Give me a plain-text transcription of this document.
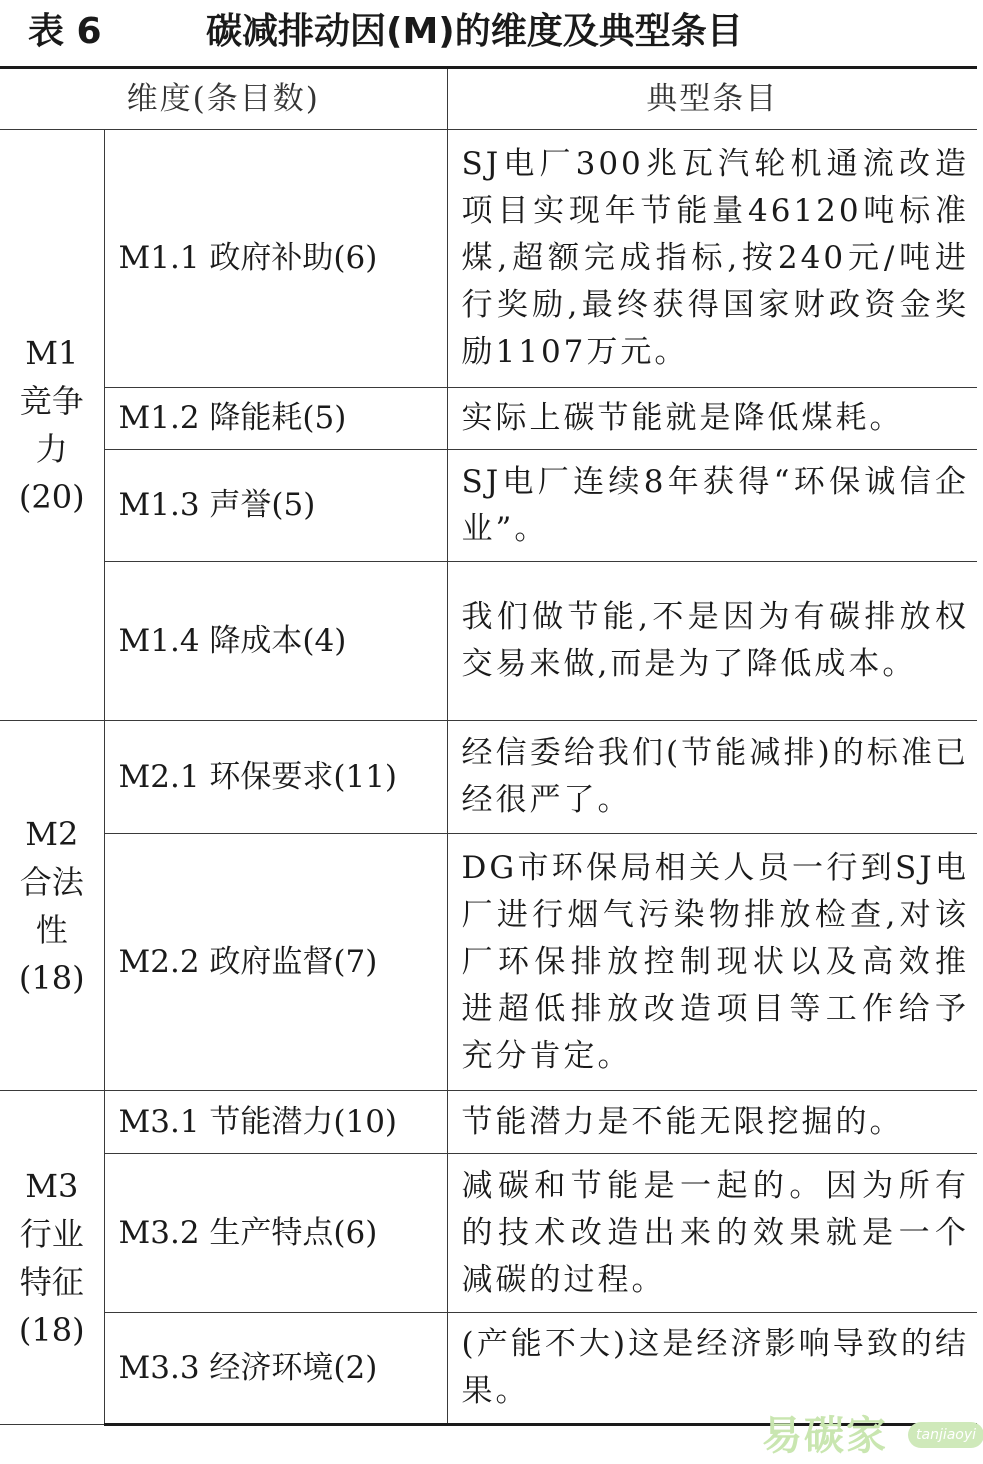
表 6	碳减排动因(M)的维度及典型条目
维度(条目数)		典型条目

M1
竞争
力
(20)	M1.1 政府补助(6)	SJ电厂300兆瓦汽轮机通流改造项目实现年节能量46120吨标准煤,超额完成指标,按240元/吨进行奖励,最终获得国家财政资金奖励1107万元。
	M1.2 降能耗(5)	实际上碳节能就是降低煤耗。
	M1.3 声誉(5)	SJ电厂连续8年获得“环保诚信企业”。
	M1.4 降成本(4)	我们做节能,不是因为有碳排放权交易来做,而是为了降低成本。

M2
合法
性
(18)	M2.1 环保要求(11)	经信委给我们(节能减排)的标准已经很严了。
	M2.2 政府监督(7)	DG市环保局相关人员一行到SJ电厂进行烟气污染物排放检查,对该厂环保排放控制现状以及高效推进超低排放改造项目等工作给予充分肯定。

M3
行业
特征
(18)	M3.1 节能潜力(10)	节能潜力是不能无限挖掘的。
	M3.2 生产特点(6)	减碳和节能是一起的。因为所有的技术改造出来的效果就是一个减碳的过程。
	M3.3 经济环境(2)	(产能不大)这是经济影响导致的结果。
易碳家	tanjiaoyi
